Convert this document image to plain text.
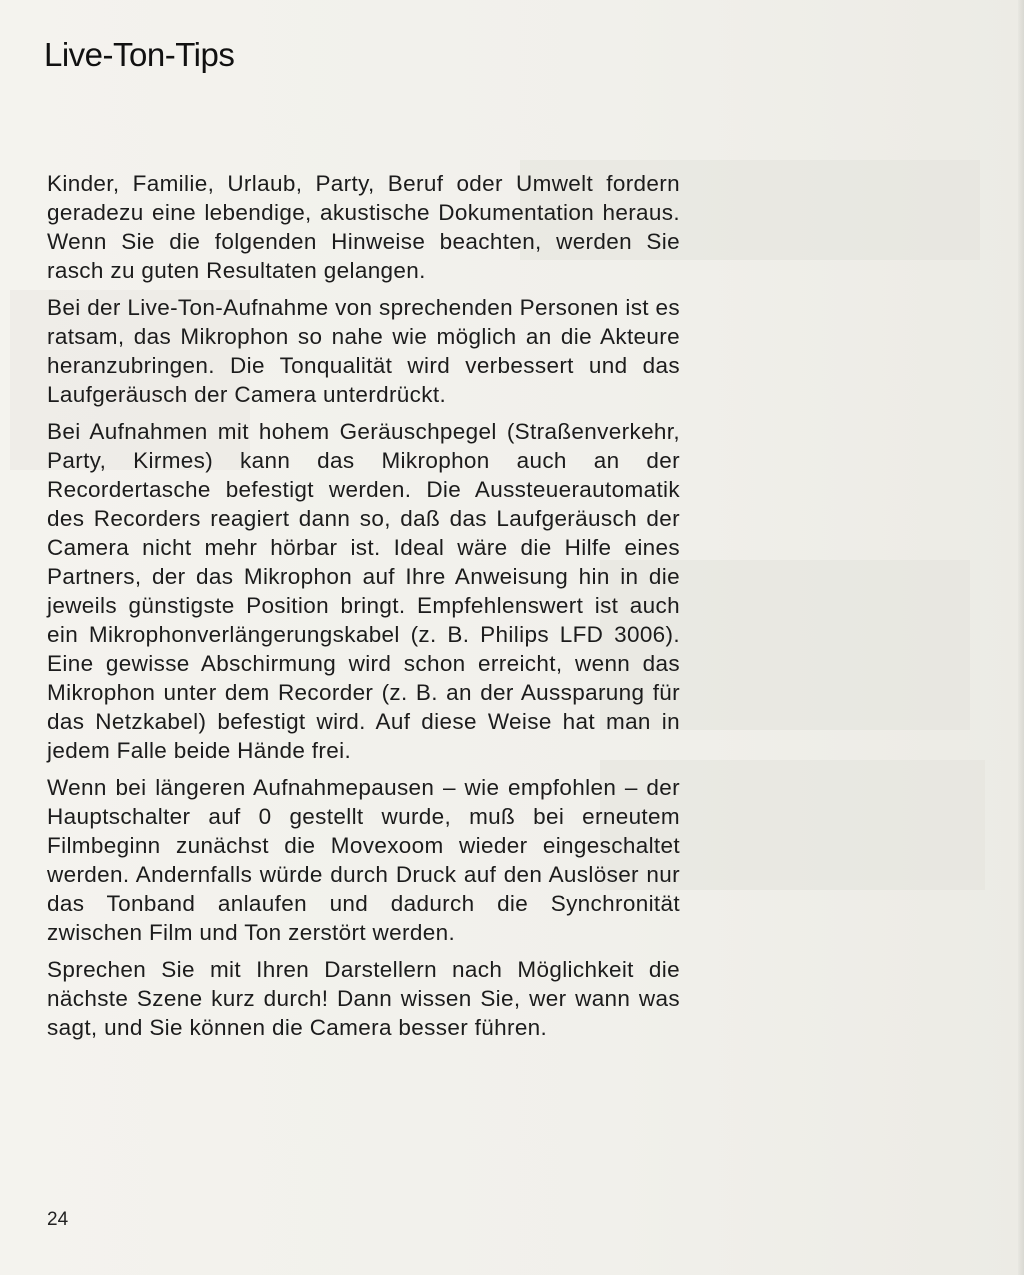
Live-Ton-Tips

Kinder, Familie, Urlaub, Party, Beruf oder Umwelt fordern geradezu eine lebendige, akustische Dokumentation heraus. Wenn Sie die folgenden Hinweise beachten, werden Sie rasch zu guten Resultaten gelangen.

Bei der Live-Ton-Aufnahme von sprechenden Personen ist es ratsam, das Mikrophon so nahe wie möglich an die Akteure heranzubringen. Die Tonqualität wird verbessert und das Laufgeräusch der Camera unterdrückt.

Bei Aufnahmen mit hohem Geräuschpegel (Straßenverkehr, Party, Kirmes) kann das Mikrophon auch an der Recordertasche befestigt werden. Die Aussteuerautomatik des Recorders reagiert dann so, daß das Laufgeräusch der Camera nicht mehr hörbar ist. Ideal wäre die Hilfe eines Partners, der das Mikrophon auf Ihre Anweisung hin in die jeweils günstigste Position bringt. Empfehlenswert ist auch ein Mikrophonverlängerungskabel (z. B. Philips LFD 3006). Eine gewisse Abschirmung wird schon erreicht, wenn das Mikrophon unter dem Recorder (z. B. an der Aussparung für das Netzkabel) befestigt wird. Auf diese Weise hat man in jedem Falle beide Hände frei.

Wenn bei längeren Aufnahmepausen – wie empfohlen – der Hauptschalter auf 0 gestellt wurde, muß bei erneutem Filmbeginn zunächst die Movexoom wieder eingeschaltet werden. Andernfalls würde durch Druck auf den Auslöser nur das Tonband anlaufen und dadurch die Synchronität zwischen Film und Ton zerstört werden.

Sprechen Sie mit Ihren Darstellern nach Möglichkeit die nächste Szene kurz durch! Dann wissen Sie, wer wann was sagt, und Sie können die Camera besser führen.

24
